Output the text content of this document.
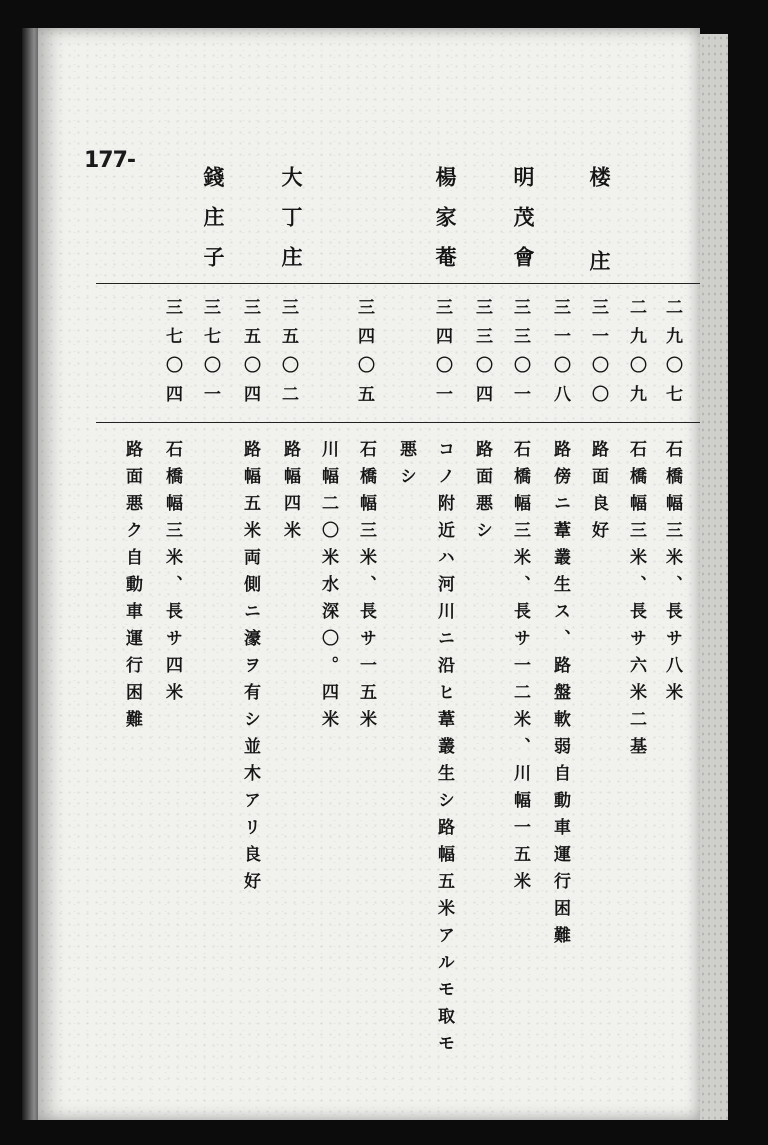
177-
楼 庄
明茂會
楊家菴
大丁庄
錢庄子
二九〇七
二九〇九
三一〇〇
三一〇八
三三〇一
三三〇四
三四〇一
三四〇五
三五〇二
三五〇四
三七〇一
三七〇四
石橋幅三米、長サ八米
石橋幅三米、長サ六米二基
路面良好
路傍ニ葦叢生ス、路盤軟弱自動車運行困難
石橋幅三米、長サ一二米、川幅一五米
路面悪シ
コノ附近ハ河川ニ沿ヒ葦叢生シ路幅五米アルモ取モ
悪シ
石橋幅三米、長サ一五米
川幅二〇米水深〇。四米
路幅四米
路幅五米両側ニ濠ヲ有シ並木アリ良好
石橋幅三米、長サ四米
路面悪ク自動車運行困難
